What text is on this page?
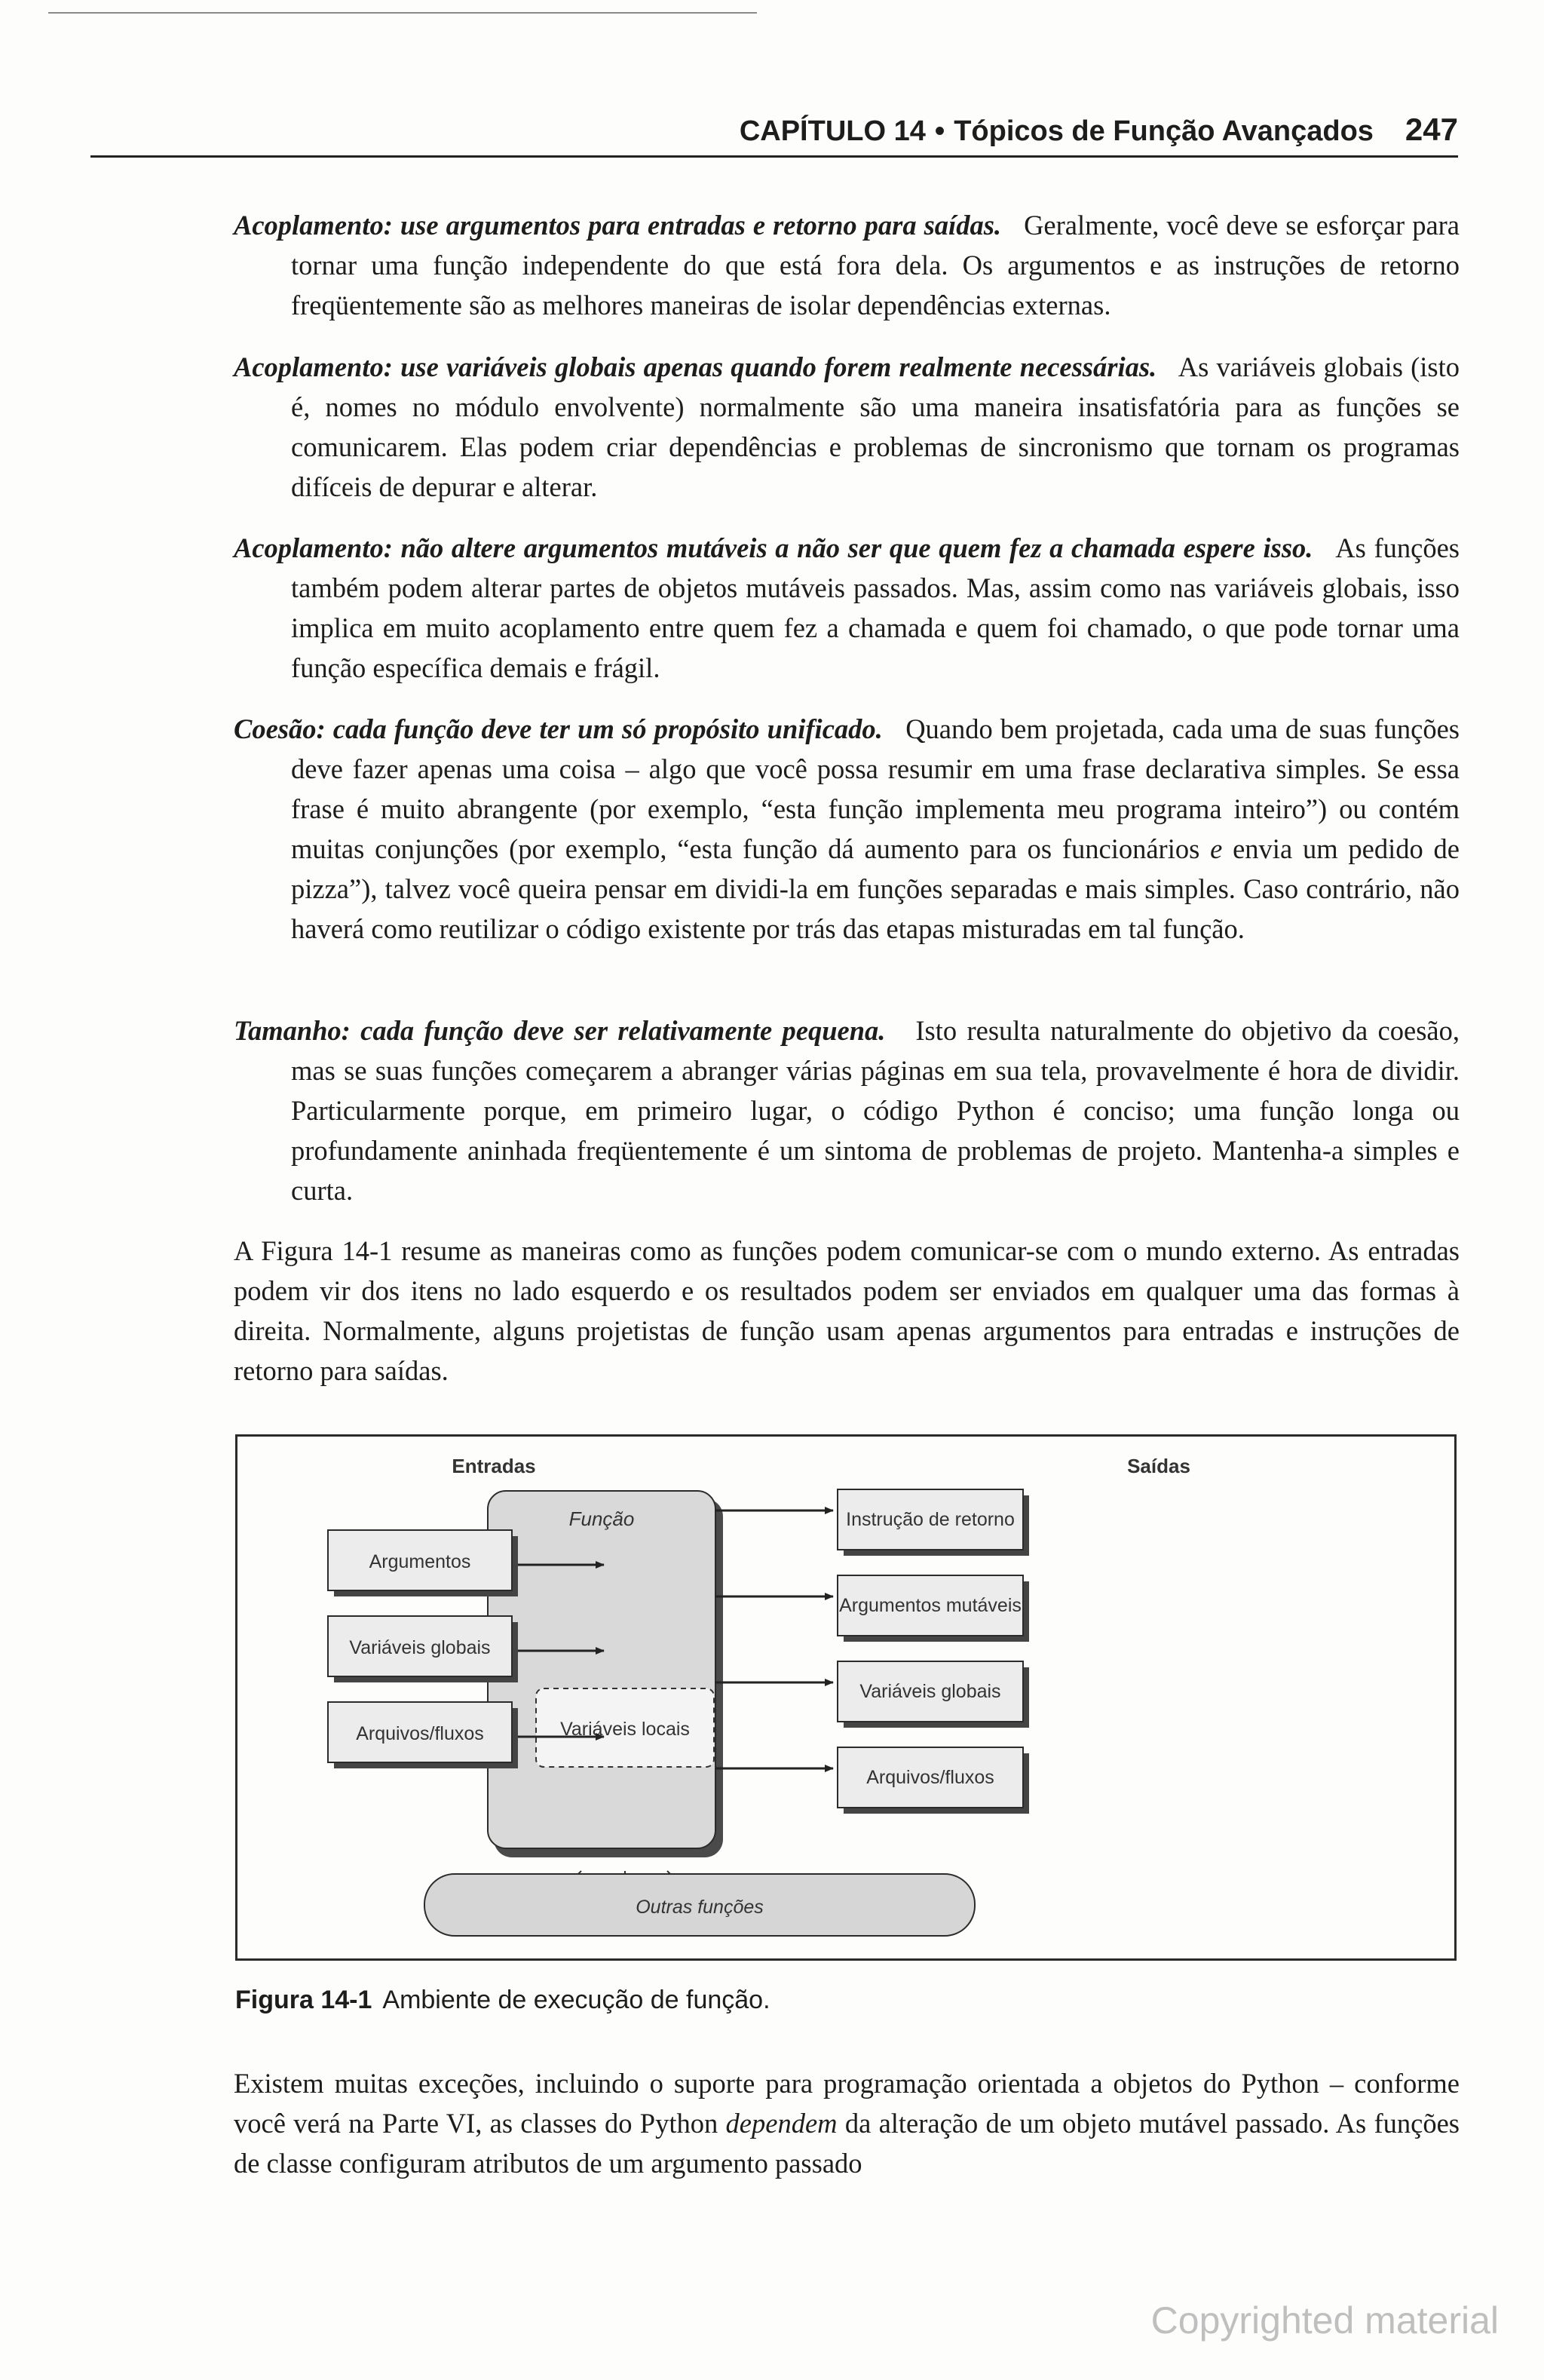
CAPÍTULO 14 • Tópicos de Função Avançados 247

Acoplamento: use argumentos para entradas e retorno para saídas. Geralmente, você deve se esforçar para tornar uma função independente do que está fora dela. Os argumentos e as instruções de retorno freqüentemente são as melhores maneiras de isolar dependências externas.

Acoplamento: use variáveis globais apenas quando forem realmente necessárias. As variáveis globais (isto é, nomes no módulo envolvente) normalmente são uma maneira insatisfatória para as funções se comunicarem. Elas podem criar dependências e problemas de sincronismo que tornam os programas difíceis de depurar e alterar.

Acoplamento: não altere argumentos mutáveis a não ser que quem fez a chamada espere isso. As funções também podem alterar partes de objetos mutáveis passados. Mas, assim como nas variáveis globais, isso implica em muito acoplamento entre quem fez a chamada e quem foi chamado, o que pode tornar uma função específica demais e frágil.

Coesão: cada função deve ter um só propósito unificado. Quando bem projetada, cada uma de suas funções deve fazer apenas uma coisa – algo que você possa resumir em uma frase declarativa simples. Se essa frase é muito abrangente (por exemplo, “esta função implementa meu programa inteiro”) ou contém muitas conjunções (por exemplo, “esta função dá aumento para os funcionários e envia um pedido de pizza”), talvez você queira pensar em dividi-la em funções separadas e mais simples. Caso contrário, não haverá como reutilizar o código existente por trás das etapas misturadas em tal função.

Tamanho: cada função deve ser relativamente pequena. Isto resulta naturalmente do objetivo da coesão, mas se suas funções começarem a abranger várias páginas em sua tela, provavelmente é hora de dividir. Particularmente porque, em primeiro lugar, o código Python é conciso; uma função longa ou profundamente aninhada freqüentemente é um sintoma de problemas de projeto. Mantenha-a simples e curta.

A Figura 14-1 resume as maneiras como as funções podem comunicar-se com o mundo externo. As entradas podem vir dos itens no lado esquerdo e os resultados podem ser enviados em qualquer uma das formas à direita. Normalmente, alguns projetistas de função usam apenas argumentos para entradas e instruções de retorno para saídas.

Entradas	Saídas
Função
Variáveis locais
Argumentos
Variáveis globais
Arquivos/fluxos
Instrução de retorno
Argumentos mutáveis
Variáveis globais
Arquivos/fluxos
Outras funções
Figura 14-1 Ambiente de execução de função.

Existem muitas exceções, incluindo o suporte para programação orientada a objetos do Python – conforme você verá na Parte VI, as classes do Python dependem da alteração de um objeto mutável passado. As funções de classe configuram atributos de um argumento passado

Copyrighted material
